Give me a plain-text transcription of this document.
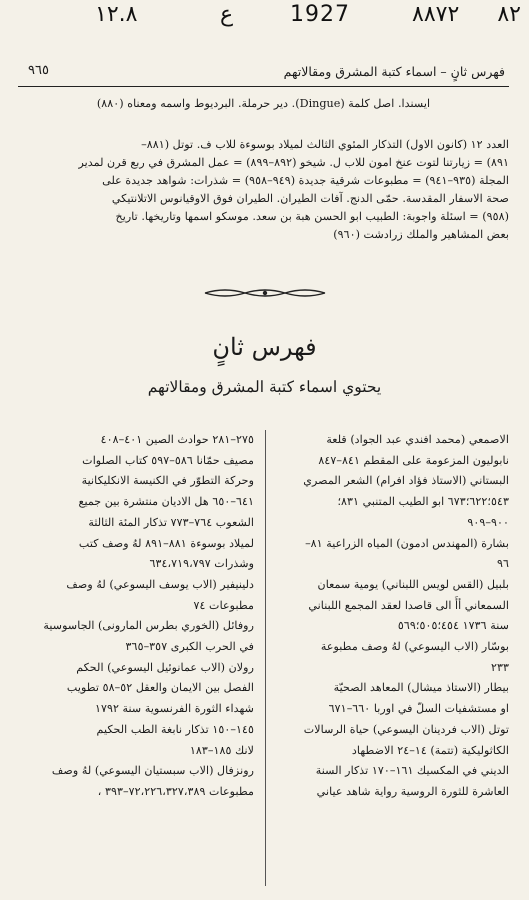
٨٢
١٢.٨	ع	1927	٨٨٧٢
فهرس ثانٍ – اسماء كتبة المشرق ومقالاتهم
٩٦٥
ايسندا. اصل كلمة (Dingue). دير حرملة. البرديوط واسمه ومعناه (٨٨٠)
العدد ١٢ (كانون الاول) التذكار المئوي الثالث لميلاد بوسوءة للاب ف. توتل (٨٨١–
٨٩١) = زيارتنا لتوت عنخ امون للاب ل. شيخو (٨٩٢–٨٩٩) = عمل المشرق في ربع قرن لمدير
المجلة (٩٣٥–٩٤١) = مطبوعات شرقية جديدة (٩٤٩–٩٥٨) = شذرات: شواهد جديدة على
صحة الاسفار المقدسة. حمّى الدنج. آفات الطيران. الطيران فوق الاوقيانوس الاتلانتيكي
(٩٥٨) = اسئلة واجوبة: الطبيب ابو الحسن هبة بن سعد. موسكو اسمها وتاريخها. تاريخ
بعض المشاهير والملك زرادشت (٩٦٠)
فهرس ثانٍ
يحتوي اسماء كتبة المشرق ومقالاتهم
الاصمعي (محمد افندي عبد الجواد) قلعة
نابوليون المزعومة على المقطم ٨٤١–٨٤٧
البستاني (الاستاذ فؤاد افرام) الشعر المصري
٥٤٣؛٦٢٢؛٦٧٣ ابو الطيب المتنبي ٨٣١؛
٩٠٠–٩٠٩
بشارة (المهندس ادمون) المياه الزراعية ٨١–
٩٦
بلبيل (القس لويس اللبناني) يومية سمعان
السمعاني أأَ الى قاصدا لعقد المجمع اللبناني
سنة ١٧٣٦ ٤٥٤؛٥٠٥؛٥٦٩
بوسّار (الاب اليسوعي) لهُ وصف مطبوعة
٢٣٣
بيطار (الاستاذ ميشال) المعاهد الصحيّة
او مستشفيات السلّ في اوربا ٦٦٠–٦٧١
توتل (الاب فردينان اليسوعي) حياة الرسالات
الكاثوليكية (تتمة) ١٤–٢٤ الاضطهاد
الديني في المكسيك ١٦١–١٧٠ تذكار السنة
العاشرة للثورة الروسية رواية شاهد عياني
٢٧٥–٢٨١ حوادث الصين ٤٠١–٤٠٨
مصيف حمّانا ٥٨٦–٥٩٧ كتاب الصلوات
وحركة التطوّر في الكنيسة الانكليكانية
٦٤١–٦٥٠ هل الاديان منتشرة بين جميع
الشعوب ٧٦٤–٧٧٣ تذكار المئة الثالثة
لميلاد بوسوءة ٨٨١–٨٩١ لهُ وصف كتب
وشذرات ٦٣٤،٧١٩،٧٩٧
دلينيفير (الاب يوسف اليسوعي) لهُ وصف
مطبوعات ٧٤
روفائل (الخوري بطرس المارونى) الجاسوسية
في الحرب الكبرى ٣٥٧–٣٦٥
رولان (الاب عمانوئيل اليسوعي) الحكم
الفصل بين الايمان والعقل ٥٢–٥٨ تطويب
شهداء الثورة الفرنسوية سنة ١٧٩٢
١٤٥–١٥٠ تذكار نابغة الطب الحكيم
لانك ١٨٥–١٨٣
رونزفال (الاب سبستيان اليسوعي) لهُ وصف
مطبوعات ٧٢،٢٢٦،٣٢٧،٣٨٩–٣٩٣ ،
